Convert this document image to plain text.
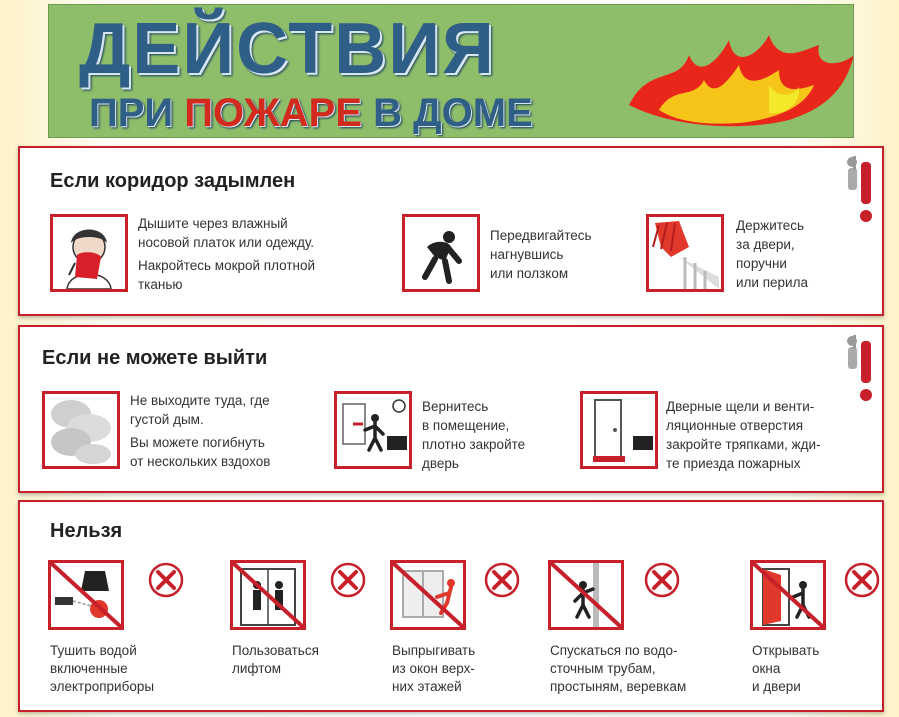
ДЕЙСТВИЯ
ПРИ ПОЖАРЕ В ДОМЕ
Если коридор задымлен
Дышите через влажный
носовой платок или одежду.
Накройтесь мокрой плотной
тканью
Передвигайтесь
нагнувшись
или ползком
Держитесь
за двери,
поручни
или перила
Если не можете выйти
Не выходите туда, где
густой дым.
Вы можете погибнуть
от нескольких вздохов
Вернитесь
в помещение,
плотно закройте
дверь
Дверные щели и венти-
ляционные отверстия
закройте тряпками, жди-
те приезда пожарных
Нельзя
Тушить водой
включенные
электроприборы
Пользоваться
лифтом
Выпрыгивать
из окон верх-
них этажей
Спускаться по водо-
сточным трубам,
простыням, веревкам
Открывать
окна
и двери
